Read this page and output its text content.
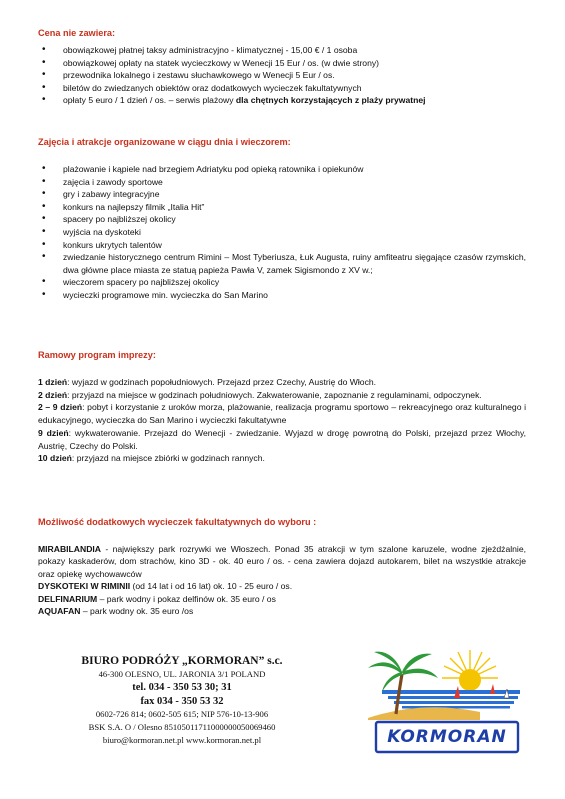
Cena nie zawiera:
• obowiązkowej płatnej taksy administracyjno - klimatycznej - 15,00 € / 1 osoba
• obowiązkowej opłaty na statek wycieczkowy w Wenecji 15 Eur / os. (w dwie strony)
• przewodnika lokalnego i zestawu słuchawkowego w Wenecji 5 Eur / os.
• biletów do zwiedzanych obiektów oraz dodatkowych wycieczek fakultatywnych
• opłaty 5 euro / 1 dzień / os. – serwis plażowy dla chętnych korzystających z plaży prywatnej
Zajęcia i atrakcje organizowane w ciągu dnia i wieczorem:
• plażowanie i kąpiele nad brzegiem Adriatyku pod opieką ratownika i opiekunów
• zajęcia i zawody sportowe
• gry i zabawy integracyjne
• konkurs na najlepszy filmik „Italia Hit”
• spacery po najbliższej okolicy
• wyjścia na dyskoteki
• konkurs ukrytych talentów
• zwiedzanie historycznego centrum Rimini – Most Tyberiusza, Łuk Augusta, ruiny amfiteatru sięgające czasów rzymskich, dwa główne place miasta ze statuą papieża Pawła V, zamek Sigismondo z XV w.;
• wieczorem spacery po najbliższej okolicy
• wycieczki programowe min. wycieczka do San Marino
Ramowy program imprezy:
1 dzień: wyjazd w godzinach popołudniowych. Przejazd przez Czechy, Austrię do Włoch.
2 dzień: przyjazd na miejsce w godzinach południowych. Zakwaterowanie, zapoznanie z regulaminami, odpoczynek.
2 – 9 dzień: pobyt i korzystanie z uroków morza, plażowanie, realizacja programu sportowo – rekreacyjnego oraz kulturalnego i edukacyjnego, wycieczka do San Marino i wycieczki fakultatywne
9 dzień: wykwaterowanie. Przejazd do Wenecji - zwiedzanie. Wyjazd w drogę powrotną do Polski, przejazd przez Włochy, Austrię, Czechy do Polski.
10 dzień: przyjazd na miejsce zbiórki w godzinach rannych.
Możliwość dodatkowych wycieczek fakultatywnych do wyboru :
MIRABILANDIA - największy park rozrywki we Włoszech. Ponad 35 atrakcji w tym szalone karuzele, wodne zjeżdżalnie, pokazy kaskaderów, dom strachów, kino 3D - ok. 40 euro / os. - cena zawiera dojazd autokarem, bilet na wszystkie atrakcje oraz opiekę wychowawców
DYSKOTEKI W RIMINII (od 14 lat i od 16 lat) ok. 10 - 25 euro / os.
DELFINARIUM – park wodny i pokaz delfinów ok. 35 euro / os
AQUAFAN – park wodny ok. 35 euro /os
BIURO PODRÓŻY „KORMORAN” s.c.
46-300 OLESNO, UL. JARONIA 3/1 POLAND
tel. 034 - 350 53 30; 31
fax 034 - 350 53 32
0602-726 814; 0602-505 615; NIP 576-10-13-906
BSK S.A. O / Olesno 85105011711000000050069460
biuro@kormoran.net.pl www.kormoran.net.pl	KORMORAN
